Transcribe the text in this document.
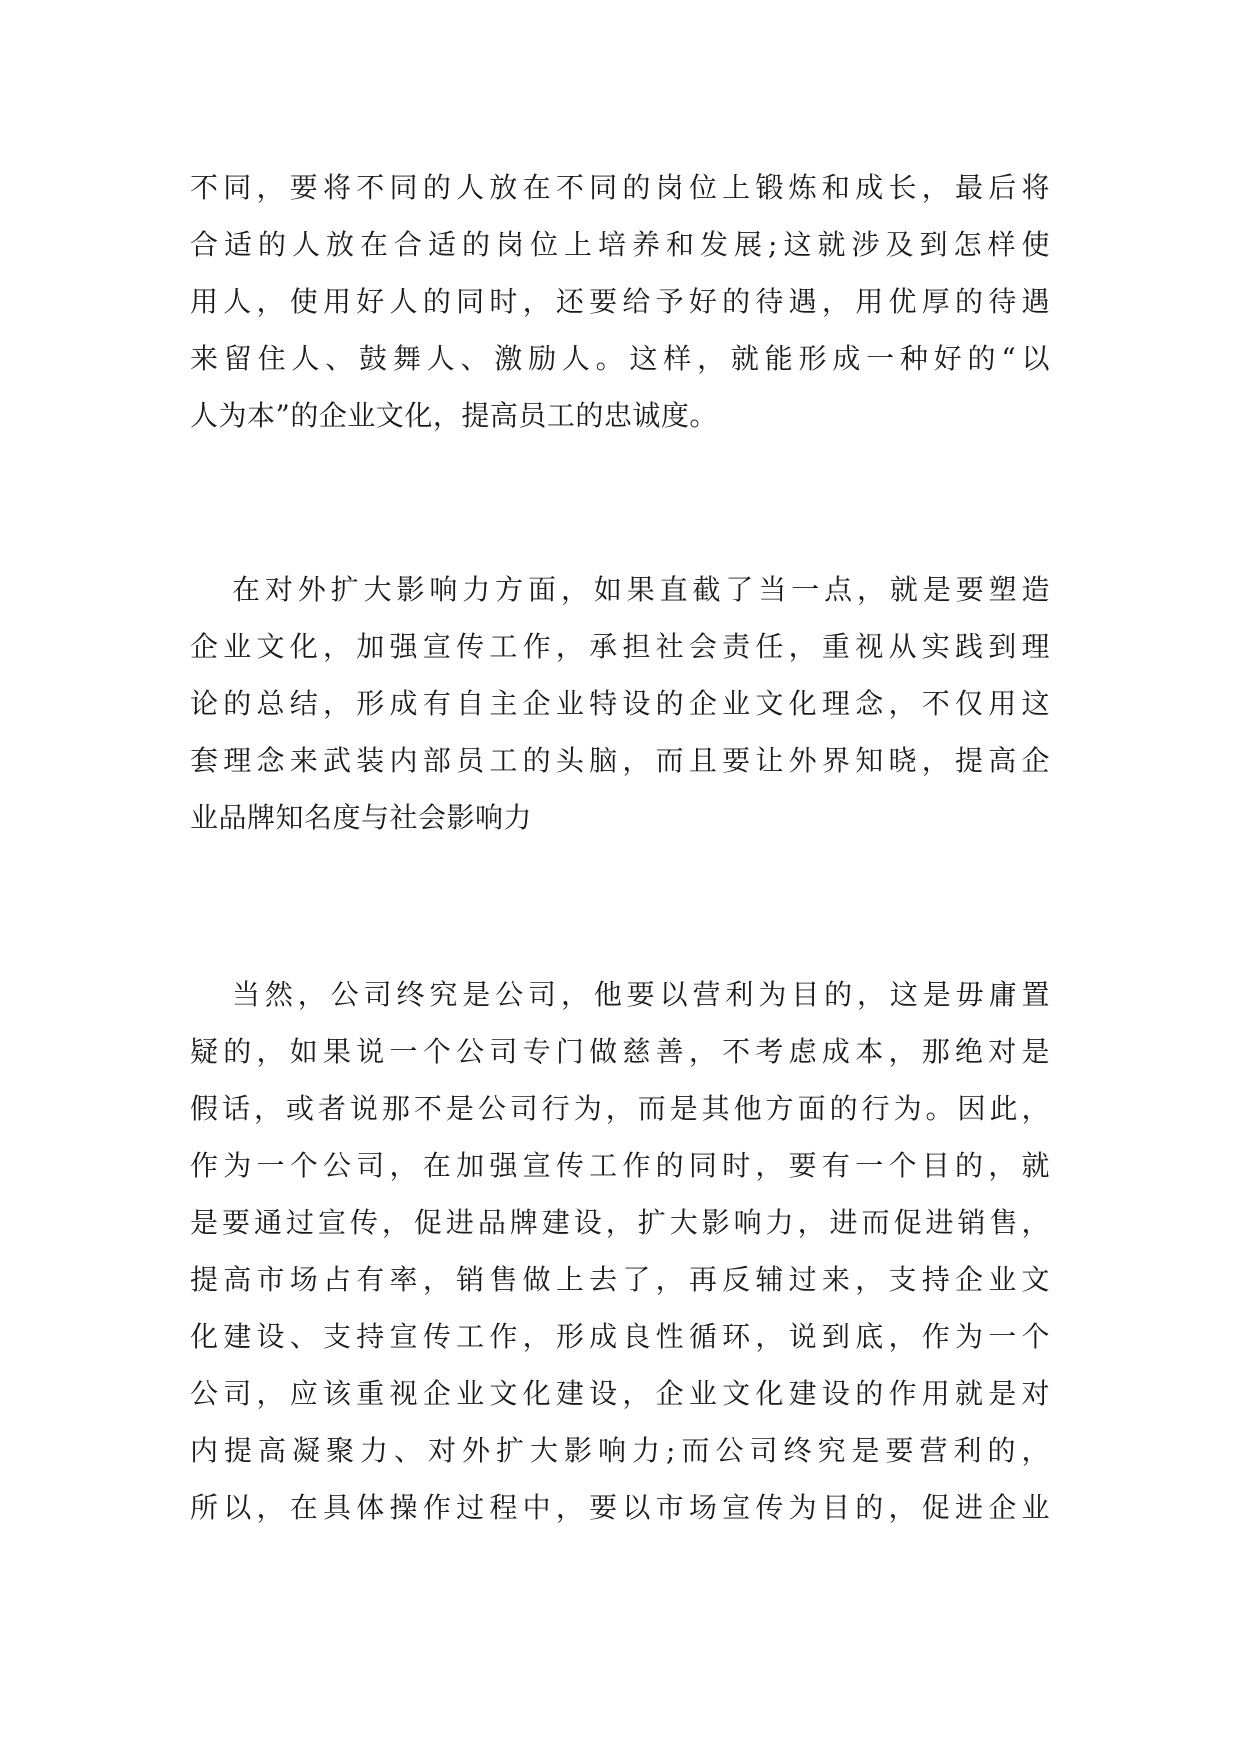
不同，要将不同的人放在不同的岗位上锻炼和成长，最后将
合适的人放在合适的岗位上培养和发展;这就涉及到怎样使
用人，使用好人的同时，还要给予好的待遇，用优厚的待遇
来留住人、鼓舞人、激励人。这样，就能形成一种好的“以
人为本”的企业文化，提高员工的忠诚度。
在对外扩大影响力方面，如果直截了当一点，就是要塑造
企业文化，加强宣传工作，承担社会责任，重视从实践到理
论的总结，形成有自主企业特设的企业文化理念，不仅用这
套理念来武装内部员工的头脑，而且要让外界知晓，提高企
业品牌知名度与社会影响力
当然，公司终究是公司，他要以营利为目的，这是毋庸置
疑的，如果说一个公司专门做慈善，不考虑成本，那绝对是
假话，或者说那不是公司行为，而是其他方面的行为。因此，
作为一个公司，在加强宣传工作的同时，要有一个目的，就
是要通过宣传，促进品牌建设，扩大影响力，进而促进销售，
提高市场占有率，销售做上去了，再反辅过来，支持企业文
化建设、支持宣传工作，形成良性循环，说到底，作为一个
公司，应该重视企业文化建设，企业文化建设的作用就是对
内提高凝聚力、对外扩大影响力;而公司终究是要营利的，
所以，在具体操作过程中，要以市场宣传为目的，促进企业
